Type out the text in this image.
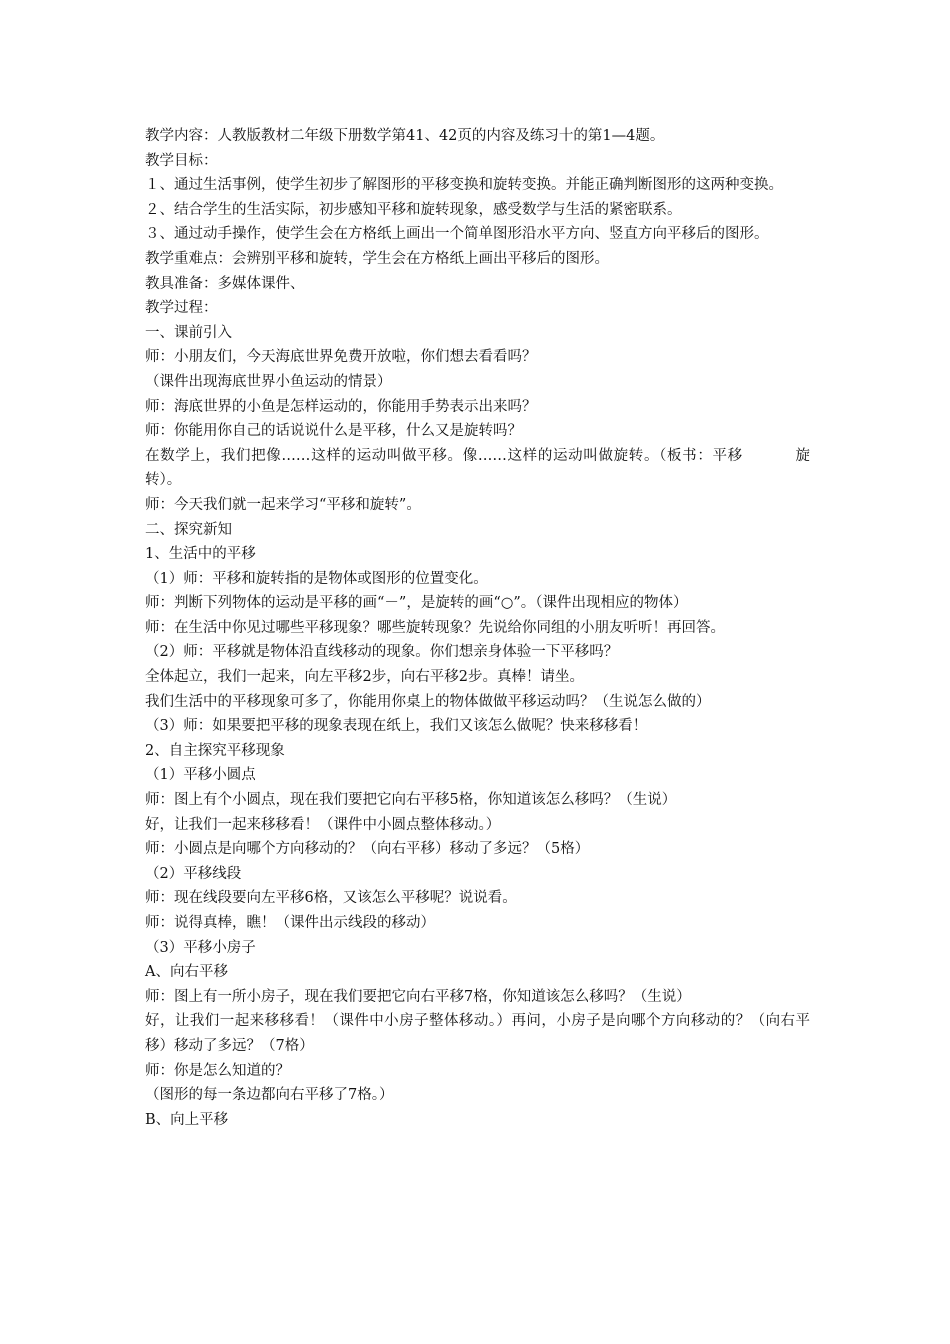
教学内容：人教版教材二年级下册数学第41、42页的内容及练习十的第1—4题。

教学目标：

１、通过生活事例，使学生初步了解图形的平移变换和旋转变换。并能正确判断图形的这两种变换。

２、结合学生的生活实际，初步感知平移和旋转现象，感受数学与生活的紧密联系。

３、通过动手操作，使学生会在方格纸上画出一个简单图形沿水平方向、竖直方向平移后的图形。

教学重难点：会辨别平移和旋转，学生会在方格纸上画出平移后的图形。

教具准备：多媒体课件、

教学过程：

一、课前引入

师：小朋友们，今天海底世界免费开放啦，你们想去看看吗？

（课件出现海底世界小鱼运动的情景）

师：海底世界的小鱼是怎样运动的，你能用手势表示出来吗？

师：你能用你自己的话说说什么是平移，什么又是旋转吗？

在数学上，我们把像……这样的运动叫做平移。像……这样的运动叫做旋转。（板书：平移          旋转）。

师：今天我们就一起来学习“平移和旋转”。

二、探究新知

1、生活中的平移

（1）师：平移和旋转指的是物体或图形的位置变化。

师：判断下列物体的运动是平移的画“－”，是旋转的画“○”。（课件出现相应的物体）

师：在生活中你见过哪些平移现象？哪些旋转现象？先说给你同组的小朋友听听！再回答。

（2）师：平移就是物体沿直线移动的现象。你们想亲身体验一下平移吗？

全体起立，我们一起来，向左平移2步，向右平移2步。真棒！请坐。

我们生活中的平移现象可多了，你能用你桌上的物体做做平移运动吗？（生说怎么做的）

（3）师：如果要把平移的现象表现在纸上，我们又该怎么做呢？快来移移看！

2、自主探究平移现象

（1）平移小圆点

师：图上有个小圆点，现在我们要把它向右平移5格，你知道该怎么移吗？（生说）

好，让我们一起来移移看！（课件中小圆点整体移动。）

师：小圆点是向哪个方向移动的？（向右平移）移动了多远？（5格）

（2）平移线段

师：现在线段要向左平移6格，又该怎么平移呢？说说看。

师：说得真棒，瞧！（课件出示线段的移动）

（3）平移小房子

A、向右平移

师：图上有一所小房子，现在我们要把它向右平移7格，你知道该怎么移吗？（生说）

好，让我们一起来移移看！（课件中小房子整体移动。）再问，小房子是向哪个方向移动的？（向右平移）移动了多远？（7格）

师：你是怎么知道的？

（图形的每一条边都向右平移了7格。）

B、向上平移
